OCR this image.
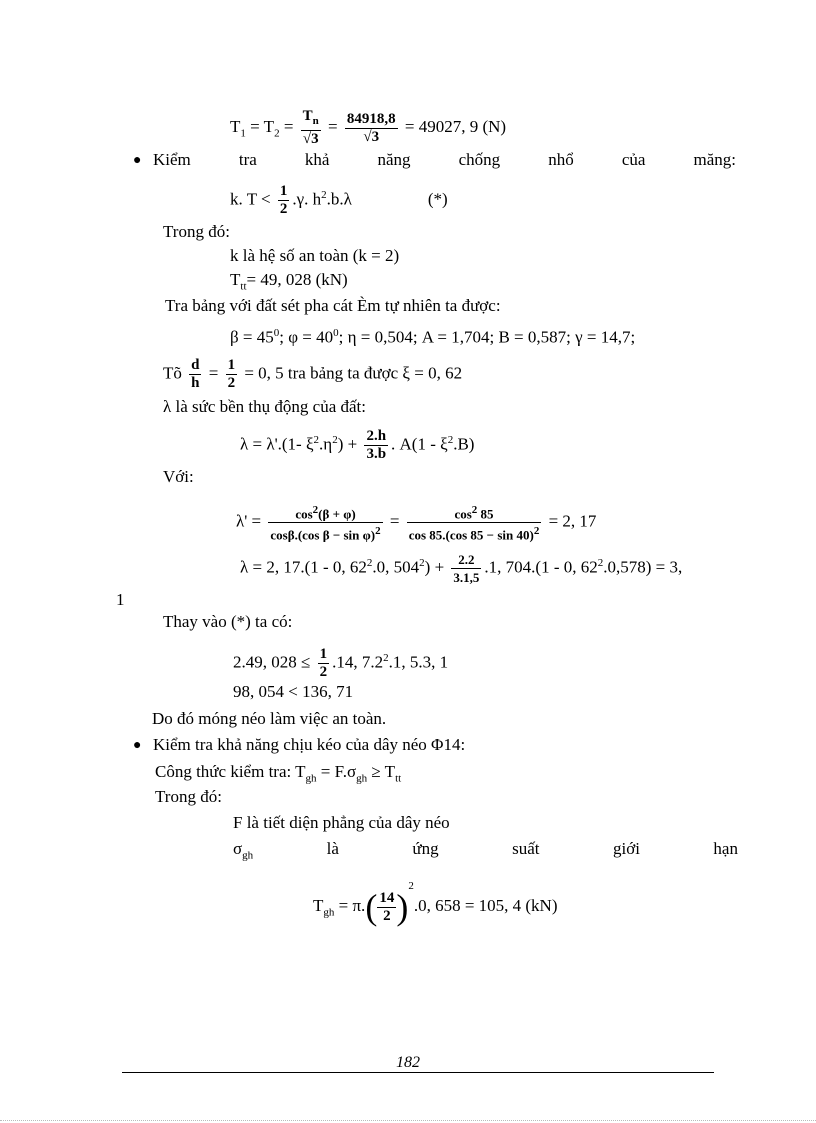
$T_1 = T_2 = T_n$
√ 3 = 84918,8
√ 3 = 49027, 9 (N)
● Kiểm	tra	khả	năng	chống	nhổ	của	măng:
k. $T < \frac{1}{2} .\gamma$. $h^2.b.\lambda$	(*)
Trong đó:
k là hệ số an toàn (k = 2)
$T_{tt}= 49$, 028 (kN)
Tra bảng với đất sét pha cát Èm tự nhiên ta được:
$\beta = 45^0$; $\varphi = 40^0$; η = 0,504; A = 1,704; B = 0,587; γ = 14,7;
Tõ $\frac{d}{h} = \frac{1}{2} = 0$, 5 tra bảng ta được ξ = 0, 62
λ là sức bền thụ động của đất:
λ = λ'.(1- $\xi^2.\eta^2) + \frac{2.h}{3.b}$ . $A(1 - \xi^2.B)$
Với:
$\lambda' = \frac{\cos^2(\beta + \varphi)}{\cos\beta.(\cos \beta - \sin \varphi)^2} = \frac{\cos^2 85}{\cos 85.(\cos 85 - \sin 40)^2} = 2$, 17
λ = 2, 17.(1 - 0, $62^2.0$, $504^2) + \frac{2.2}{3.1,5} .1$, 704.(1 - 0, $62^2.0,578) = 3$,
1
Thay vào (*) ta có:
2.49, $028 \le \frac{1}{2} .14$, $7.2^2.1$, 5.3, 1
98, 054 < 136, 71
Do đó móng néo làm việc an toàn.
● Kiểm tra khả năng chịu kéo của dây néo Φ14:
Công thức kiểm tra: $T_{gh} = F.\sigma_{gh} \ge T_{tt}$
Trong đó:
F là tiết diện phẳng của dây néo
$\sigma_{gh}$	là	ứng	suất	giới	hạn
$T_{gh} = \pi.( \frac{14}{2} )^2.0$, 658 = 105, 4 (kN)
182
